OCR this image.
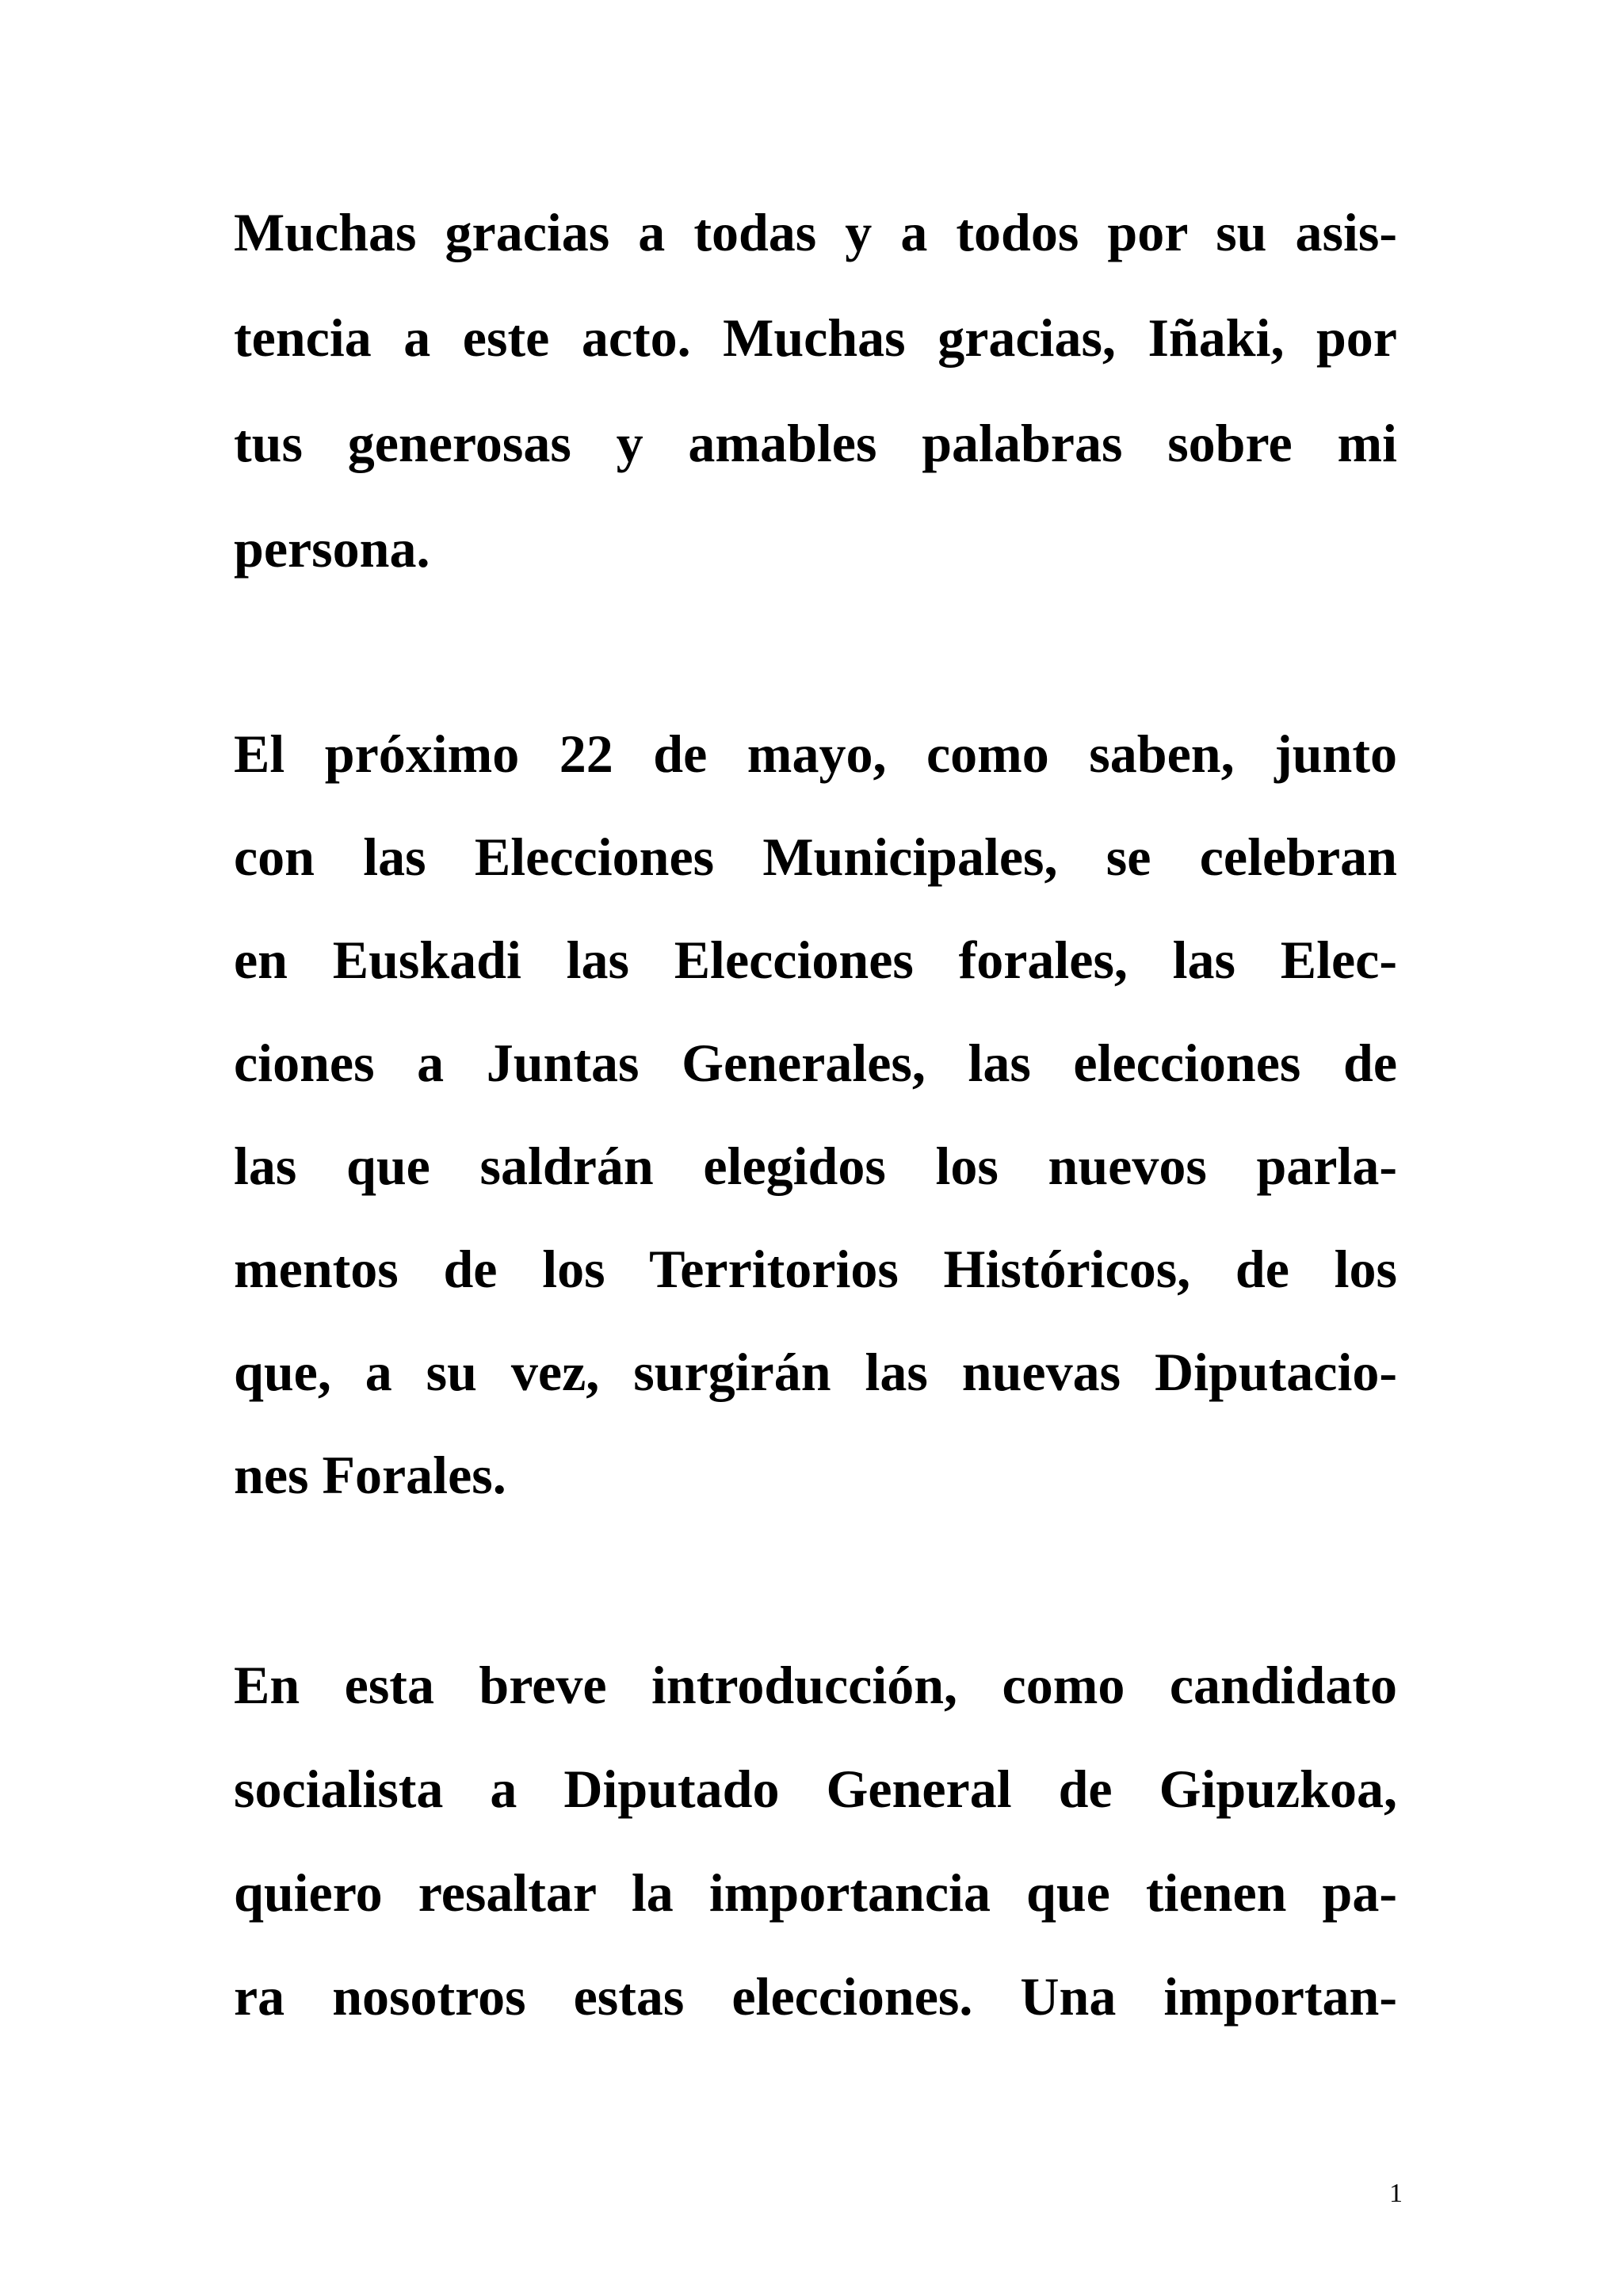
Muchas gracias a todas y a todos por su asis-
tencia a este acto. Muchas gracias, Iñaki, por
tus generosas y amables palabras sobre mi
persona.
El próximo 22 de mayo, como saben, junto
con las Elecciones Municipales, se celebran
en Euskadi las Elecciones forales, las Elec-
ciones a Juntas Generales, las elecciones de
las que saldrán elegidos los nuevos parla-
mentos de los Territorios Históricos, de los
que, a su vez, surgirán las nuevas Diputacio-
nes Forales.
En esta breve introducción, como candidato
socialista a Diputado General de Gipuzkoa,
quiero resaltar la importancia que tienen pa-
ra nosotros estas elecciones. Una importan-
1
